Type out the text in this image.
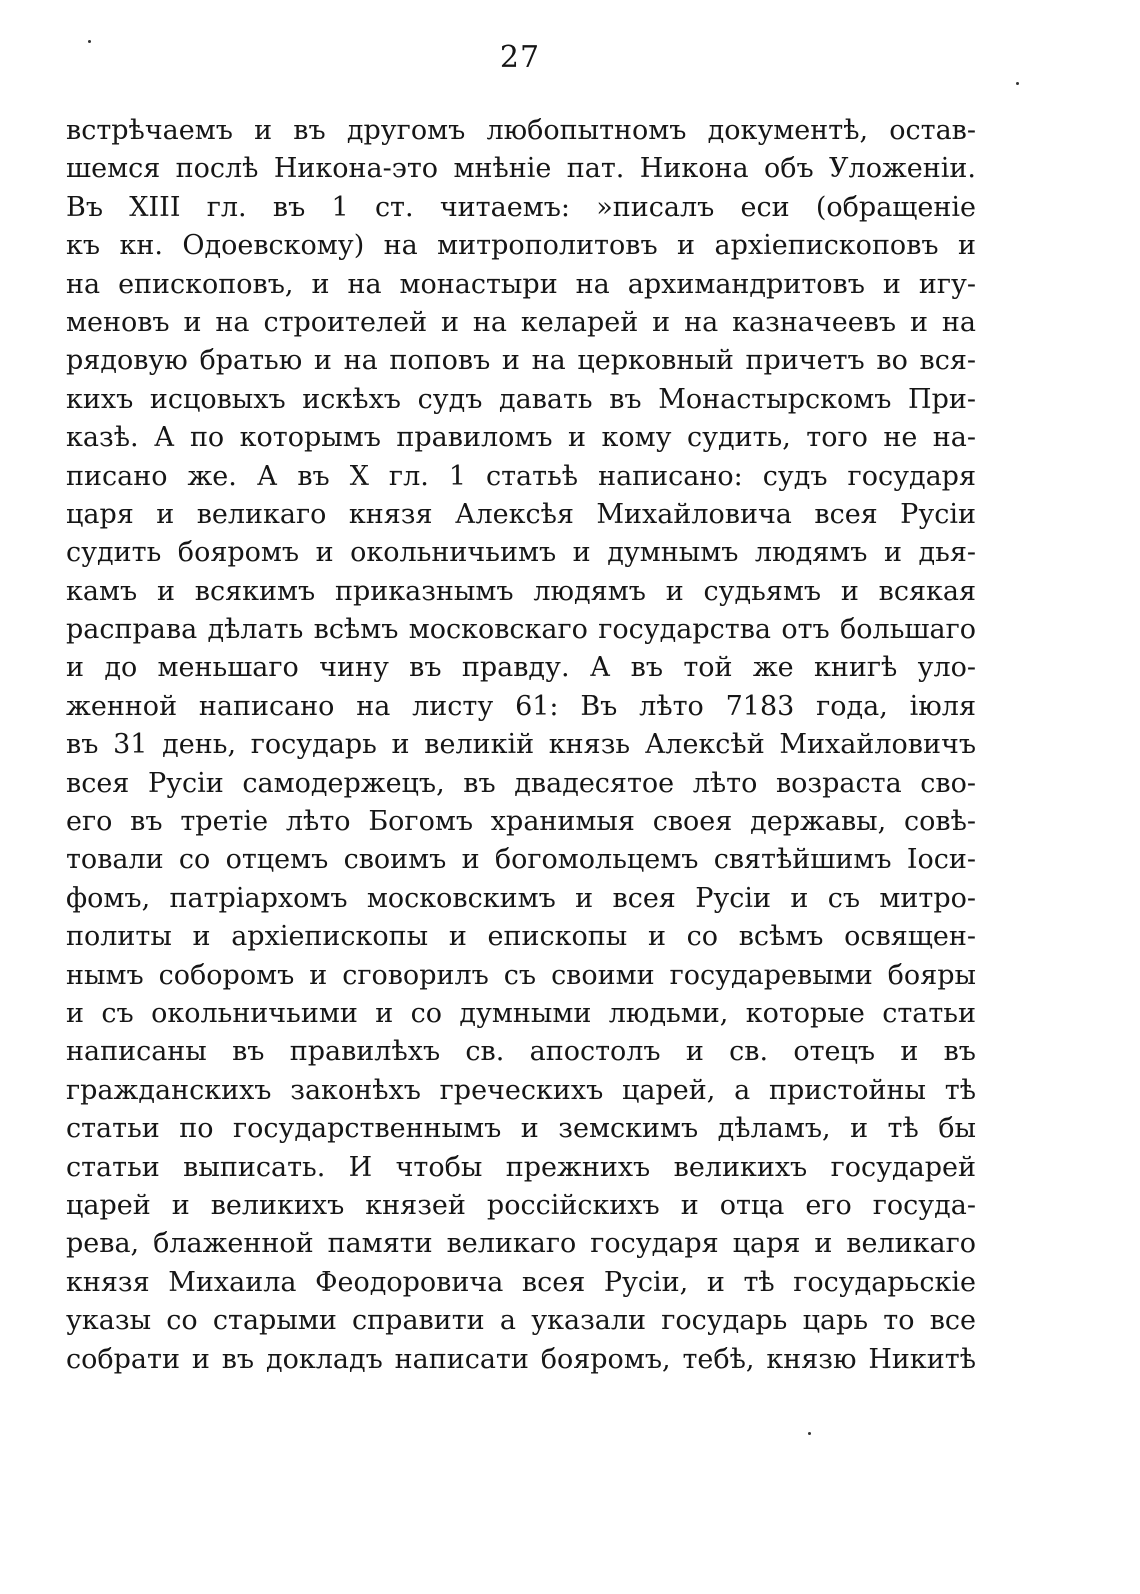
27
встрѣчаемъ и въ другомъ любопытномъ документѣ, остав-
шемся послѣ Никона-это мнѣніе пат. Никона объ Уложеніи.
Въ XIII гл. въ 1 ст. читаемъ: »писалъ еси (обращеніе
къ кн. Одоевскому) на митрополитовъ и архіепископовъ и
на епископовъ, и на монастыри на архимандритовъ и игу-
меновъ и на строителей и на келарей и на казначеевъ и на
рядовую братью и на поповъ и на церковный причетъ во вся-
кихъ исцовыхъ искѣхъ судъ давать въ Монастырскомъ При-
казѣ. А по которымъ правиломъ и кому судить, того не на-
писано же. А въ X гл. 1 статьѣ написано: судъ государя
царя и великаго князя Алексѣя Михайловича всея Русіи
судить бояромъ и окольничьимъ и думнымъ людямъ и дья-
камъ и всякимъ приказнымъ людямъ и судьямъ и всякая
расправа дѣлать всѣмъ московскаго государства отъ большаго
и до меньшаго чину въ правду. А въ той же книгѣ уло-
женной написано на листу 61: Въ лѣто 7183 года, іюля
въ 31 день, государь и великій князь Алексѣй Михайловичъ
всея Русіи самодержецъ, въ двадесятое лѣто возраста сво-
его въ третіе лѣто Богомъ хранимыя своея державы, совѣ-
товали со отцемъ своимъ и богомольцемъ святѣйшимъ Іоси-
фомъ, патріархомъ московскимъ и всея Русіи и съ митро-
политы и архіепископы и епископы и со всѣмъ освящен-
нымъ соборомъ и сговорилъ съ своими государевыми бояры
и съ окольничьими и со думными людьми, которые статьи
написаны въ правилѣхъ св. апостолъ и св. отецъ и въ
гражданскихъ законѣхъ греческихъ царей, а пристойны тѣ
статьи по государственнымъ и земскимъ дѣламъ, и тѣ бы
статьи выписать. И чтобы прежнихъ великихъ государей
царей и великихъ князей россійскихъ и отца его госуда-
рева, блаженной памяти великаго государя царя и великаго
князя Михаила Феодоровича всея Русіи, и тѣ государьскіе
указы со старыми справити а указали государь царь то все
собрати и въ докладъ написати бояромъ, тебѣ, князю Никитѣ
